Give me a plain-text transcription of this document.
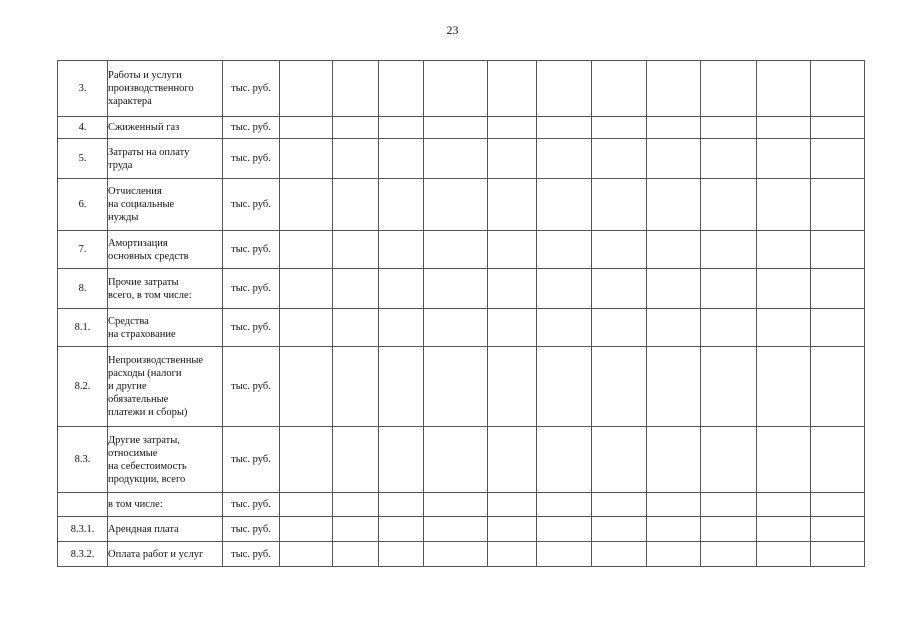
23
3.	Работы и услуги
производственного
характера	тыс. руб.											
4.	Сжиженный газ	тыс. руб.											
5.	Затраты на оплату
труда	тыс. руб.											
6.	Отчисления
на социальные
нужды	тыс. руб.											
7.	Амортизация
основных средств	тыс. руб.											
8.	Прочие затраты
всего, в том числе:	тыс. руб.											
8.1.	Средства
на страхование	тыс. руб.											
8.2.	Непроизводственные
расходы (налоги
и другие
обязательные
платежи и сборы)	тыс. руб.											
8.3.	Другие затраты,
относимые
на себестоимость
продукции, всего	тыс. руб.											

	в том числе:	тыс. руб.											
8.3.1.	Арендная плата	тыс. руб.											
8.3.2.	Оплата работ и услуг	тыс. руб.											
